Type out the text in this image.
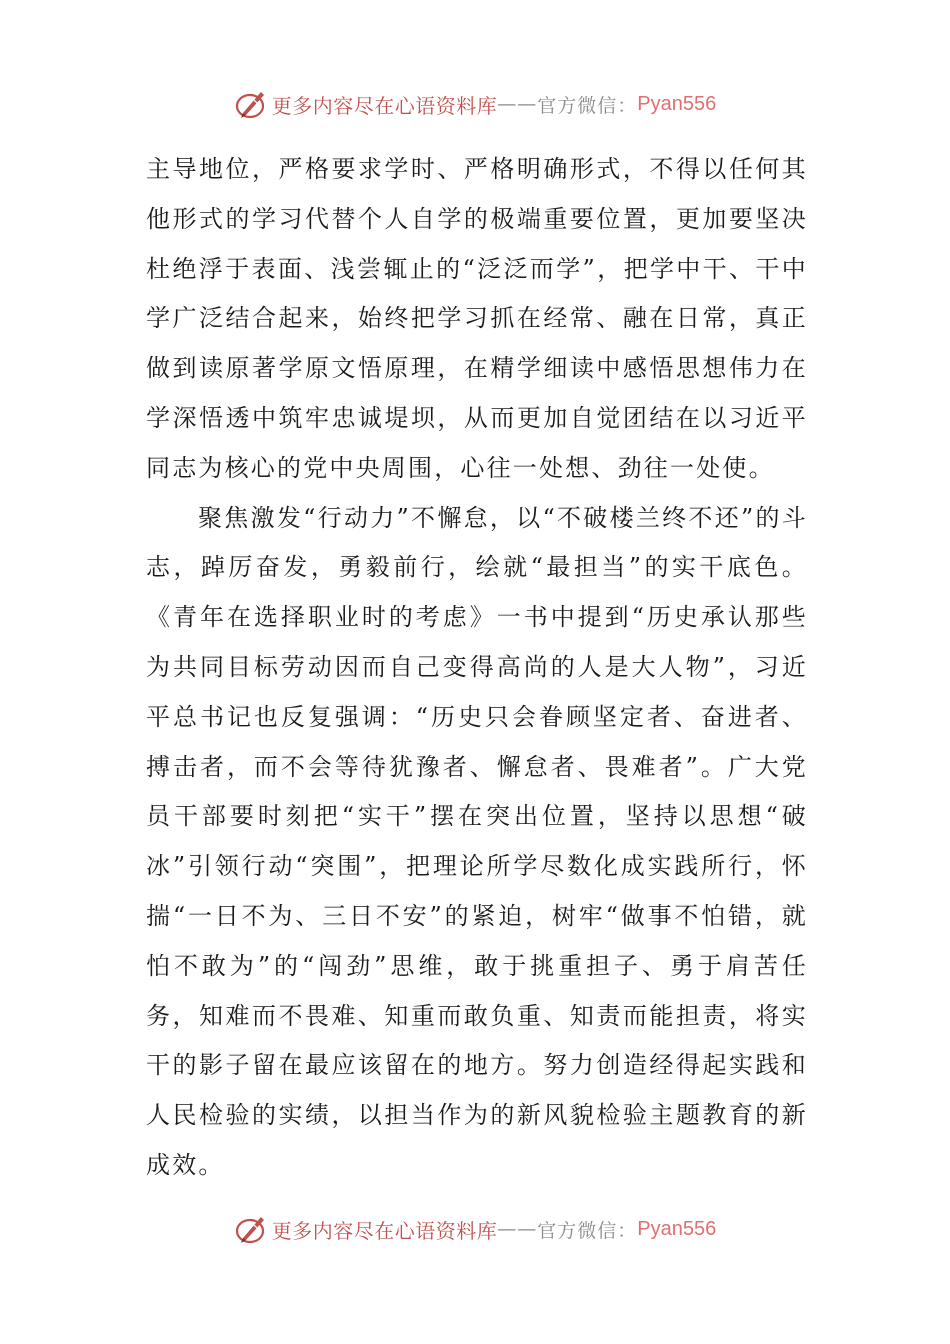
更多内容尽在心语资料库 —— 官方微信： Pyan556

主导地位，严格要求学时、严格明确形式，不得以任何其他形式的学习代替个人自学的极端重要位置，更加要坚决杜绝浮于表面、浅尝辄止的“泛泛而学”，把学中干、干中学广泛结合起来，始终把学习抓在经常、融在日常，真正做到读原著学原文悟原理，在精学细读中感悟思想伟力在学深悟透中筑牢忠诚堤坝，从而更加自觉团结在以习近平同志为核心的党中央周围，心往一处想、劲往一处使。

聚焦激发“行动力”不懈怠，以“不破楼兰终不还”的斗志，踔厉奋发，勇毅前行，绘就“最担当”的实干底色。《青年在选择职业时的考虑》一书中提到“历史承认那些为共同目标劳动因而自己变得高尚的人是大人物”，习近平总书记也反复强调：“历史只会眷顾坚定者、奋进者、搏击者，而不会等待犹豫者、懈怠者、畏难者”。广大党员干部要时刻把“实干”摆在突出位置，坚持以思想“破冰”引领行动“突围”，把理论所学尽数化成实践所行，怀揣“一日不为、三日不安”的紧迫，树牢“做事不怕错，就怕不敢为”的“闯劲”思维，敢于挑重担子、勇于肩苦任务，知难而不畏难、知重而敢负重、知责而能担责，将实干的影子留在最应该留在的地方。努力创造经得起实践和人民检验的实绩，以担当作为的新风貌检验主题教育的新成效。

更多内容尽在心语资料库 —— 官方微信： Pyan556
